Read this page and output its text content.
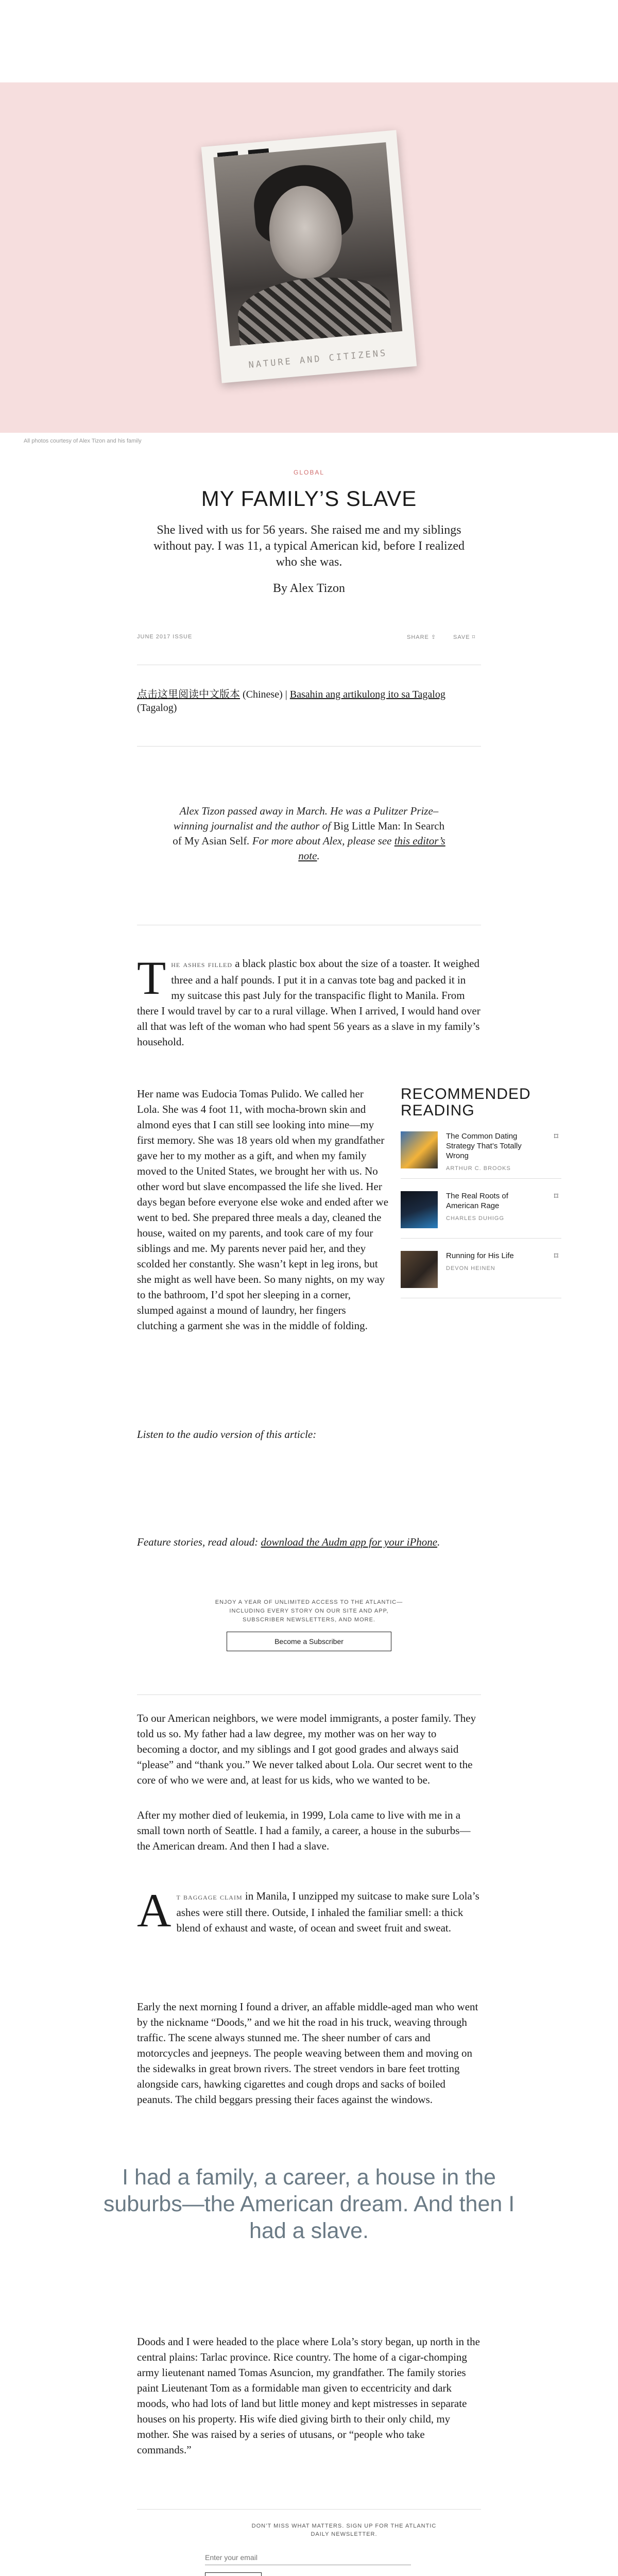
NATURE AND CITIZENS
All photos courtesy of Alex Tizon and his family
GLOBAL
MY FAMILY’S SLAVE

She lived with us for 56 years. She raised me and my siblings without pay. I was 11, a typical American kid, before I realized who she was.

By Alex Tizon

JUNE 2017 ISSUE	SHARE ⇪	SAVE ⌑
点击这里阅读中文版本 (Chinese) | Basahin ang artikulong ito sa Tagalog (Tagalog)
Alex Tizon passed away in March. He was a Pulitzer Prize–winning journalist and the author of Big Little Man: In Search of My Asian Self. For more about Alex, please see this editor’s note.
T he ashes filled a black plastic box about the size of a toaster. It weighed three and a half pounds. I put it in a canvas tote bag and packed it in my suitcase this past July for the transpacific flight to Manila. From there I would travel by car to a rural village. When I arrived, I would hand over all that was left of the woman who had spent 56 years as a slave in my family’s household.
Her name was Eudocia Tomas Pulido. We called her Lola. She was 4 foot 11, with mocha-brown skin and almond eyes that I can still see looking into mine—my first memory. She was 18 years old when my grandfather gave her to my mother as a gift, and when my family moved to the United States, we brought her with us. No other word but slave encompassed the life she lived. Her days began before everyone else woke and ended after we went to bed. She prepared three meals a day, cleaned the house, waited on my parents, and took care of my four siblings and me. My parents never paid her, and they scolded her constantly. She wasn’t kept in leg irons, but she might as well have been. So many nights, on my way to the bathroom, I’d spot her sleeping in a corner, slumped against a mound of laundry, her fingers clutching a garment she was in the middle of folding.
RECOMMENDED READING
The Common Dating Strategy That’s Totally Wrong
ARTHUR C. BROOKS
⌑
The Real Roots of American Rage
CHARLES DUHIGG
⌑
Running for His Life
DEVON HEINEN
⌑
Listen to the audio version of this article:
Feature stories, read aloud: download the Audm app for your iPhone.

ENJOY A YEAR OF UNLIMITED ACCESS TO THE ATLANTIC—INCLUDING EVERY STORY ON OUR SITE AND APP, SUBSCRIBER NEWSLETTERS, AND MORE.

Become a Subscriber
To our American neighbors, we were model immigrants, a poster family. They told us so. My father had a law degree, my mother was on her way to becoming a doctor, and my siblings and I got good grades and always said “please” and “thank you.” We never talked about Lola. Our secret went to the core of who we were and, at least for us kids, who we wanted to be.
After my mother died of leukemia, in 1999, Lola came to live with me in a small town north of Seattle. I had a family, a career, a house in the suburbs—the American dream. And then I had a slave.
A t baggage claim in Manila, I unzipped my suitcase to make sure Lola’s ashes were still there. Outside, I inhaled the familiar smell: a thick blend of exhaust and waste, of ocean and sweet fruit and sweat.
Early the next morning I found a driver, an affable middle-aged man who went by the nickname “Doods,” and we hit the road in his truck, weaving through traffic. The scene always stunned me. The sheer number of cars and motorcycles and jeepneys. The people weaving between them and moving on the sidewalks in great brown rivers. The street vendors in bare feet trotting alongside cars, hawking cigarettes and cough drops and sacks of boiled peanuts. The child beggars pressing their faces against the windows.
I had a family, a career, a house in the suburbs—the American dream. And then I had a slave.
Doods and I were headed to the place where Lola’s story began, up north in the central plains: Tarlac province. Rice country. The home of a cigar-chomping army lieutenant named Tomas Asuncion, my grandfather. The family stories paint Lieutenant Tom as a formidable man given to eccentricity and dark moods, who had lots of land but little money and kept mistresses in separate houses on his property. His wife died giving birth to their only child, my mother. She was raised by a series of utusans, or “people who take commands.”
DON’T MISS WHAT MATTERS. SIGN UP FOR THE ATLANTIC DAILY NEWSLETTER.
Enter your email
